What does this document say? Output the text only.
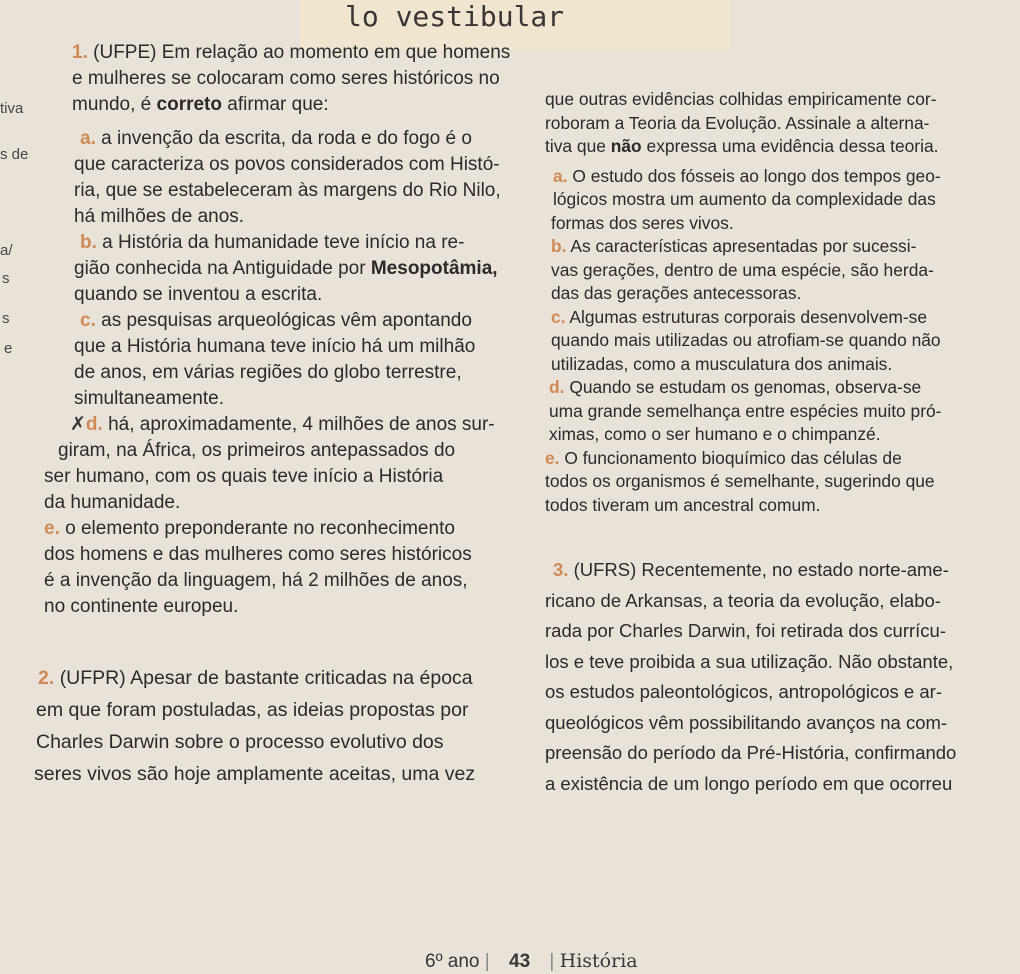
lo vestibular
tiva
s de
a/
s
s
e

1. (UFPE) Em relação ao momento em que homens

e mulheres se colocaram como seres históricos no

mundo, é correto afirmar que:

a. a invenção da escrita, da roda e do fogo é o

que caracteriza os povos considerados com Histó-

ria, que se estabeleceram às margens do Rio Nilo,

há milhões de anos.

b. a História da humanidade teve início na re-

gião conhecida na Antiguidade por Mesopotâmia,

quando se inventou a escrita.

c. as pesquisas arqueológicas vêm apontando

que a História humana teve início há um milhão

de anos, em várias regiões do globo terrestre,

simultaneamente.

✗d. há, aproximadamente, 4 milhões de anos sur-

giram, na África, os primeiros antepassados do

ser humano, com os quais teve início a História

da humanidade.

e. o elemento preponderante no reconhecimento

dos homens e das mulheres como seres históricos

é a invenção da linguagem, há 2 milhões de anos,

no continente europeu.

2. (UFPR) Apesar de bastante criticadas na época

em que foram postuladas, as ideias propostas por

Charles Darwin sobre o processo evolutivo dos

seres vivos são hoje amplamente aceitas, uma vez

que outras evidências colhidas empiricamente cor-

roboram a Teoria da Evolução. Assinale a alterna-

tiva que não expressa uma evidência dessa teoria.

a. O estudo dos fósseis ao longo dos tempos geo-

lógicos mostra um aumento da complexidade das

formas dos seres vivos.

b. As características apresentadas por sucessi-

vas gerações, dentro de uma espécie, são herda-

das das gerações antecessoras.

c. Algumas estruturas corporais desenvolvem-se

quando mais utilizadas ou atrofiam-se quando não

utilizadas, como a musculatura dos animais.

d. Quando se estudam os genomas, observa-se

uma grande semelhança entre espécies muito pró-

ximas, como o ser humano e o chimpanzé.

e. O funcionamento bioquímico das células de

todos os organismos é semelhante, sugerindo que

todos tiveram um ancestral comum.

3. (UFRS) Recentemente, no estado norte-ame-

ricano de Arkansas, a teoria da evolução, elabo-

rada por Charles Darwin, foi retirada dos currícu-

los e teve proibida a sua utilização. Não obstante,

os estudos paleontológicos, antropológicos e ar-

queológicos vêm possibilitando avanços na com-

preensão do período da Pré-História, confirmando

a existência de um longo período em que ocorreu

6º ano | 43 | História
